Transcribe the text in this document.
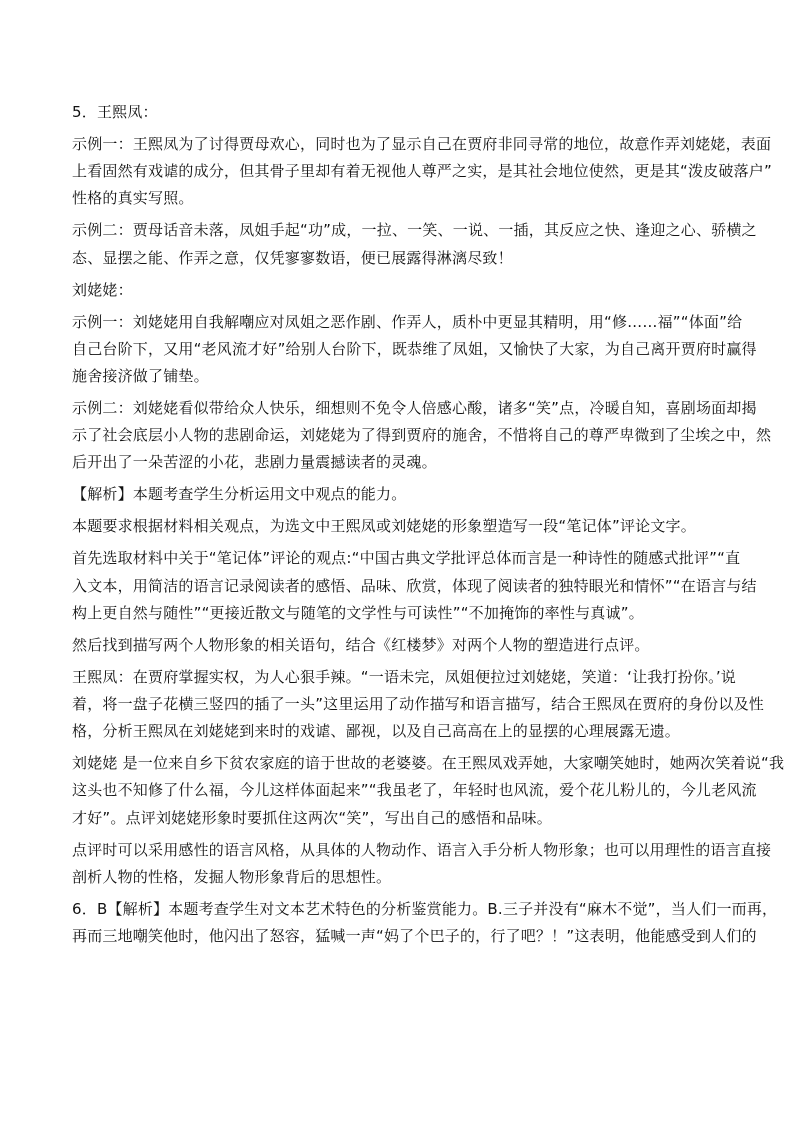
5．王熙凤：
示例一：王熙凤为了讨得贾母欢心，同时也为了显示自己在贾府非同寻常的地位，故意作弄刘姥姥，表面
上看固然有戏谑的成分，但其骨子里却有着无视他人尊严之实，是其社会地位使然，更是其“泼皮破落户”
性格的真实写照。
示例二：贾母话音未落，凤姐手起“功”成，一拉、一笑、一说、一插，其反应之快、逢迎之心、骄横之
态、显摆之能、作弄之意，仅凭寥寥数语，便已展露得淋漓尽致！
刘姥姥：
示例一：刘姥姥用自我解嘲应对凤姐之恶作剧、作弄人，质朴中更显其精明，用“修……福”“体面”给
自己台阶下，又用“老风流才好”给别人台阶下，既恭维了凤姐，又愉快了大家，为自己离开贾府时赢得
施舍接济做了铺垫。
示例二：刘姥姥看似带给众人快乐，细想则不免令人倍感心酸，诸多“笑”点，冷暖自知，喜剧场面却揭
示了社会底层小人物的悲剧命运，刘姥姥为了得到贾府的施舍，不惜将自己的尊严卑微到了尘埃之中，然
后开出了一朵苦涩的小花，悲剧力量震撼读者的灵魂。
【解析】本题考查学生分析运用文中观点的能力。
本题要求根据材料相关观点，为选文中王熙凤或刘姥姥的形象塑造写一段“笔记体”评论文字。
首先选取材料中关于“笔记体”评论的观点:“中国古典文学批评总体而言是一种诗性的随感式批评”“直
入文本，用简洁的语言记录阅读者的感悟、品味、欣赏，体现了阅读者的独特眼光和情怀”“在语言与结
构上更自然与随性”“更接近散文与随笔的文学性与可读性”“不加掩饰的率性与真诚”。
然后找到描写两个人物形象的相关语句，结合《红楼梦》对两个人物的塑造进行点评。
王熙凤：在贾府掌握实权，为人心狠手辣。“一语未完，凤姐便拉过刘姥姥，笑道：‘让我打扮你。’说
着，将一盘子花横三竖四的插了一头”这里运用了动作描写和语言描写，结合王熙凤在贾府的身份以及性
格，分析王熙凤在刘姥姥到来时的戏谑、鄙视，以及自己高高在上的显摆的心理展露无遗。
刘姥姥 是一位来自乡下贫农家庭的谙于世故的老婆婆。在王熙凤戏弄她，大家嘲笑她时，她两次笑着说“我
这头也不知修了什么福，今儿这样体面起来”“我虽老了，年轻时也风流，爱个花儿粉儿的，今儿老风流
才好”。点评刘姥姥形象时要抓住这两次“笑”，写出自己的感悟和品味。
点评时可以采用感性的语言风格，从具体的人物动作、语言入手分析人物形象；也可以用理性的语言直接
剖析人物的性格，发掘人物形象背后的思想性。
6．B【解析】本题考查学生对文本艺术特色的分析鉴赏能力。B.三子并没有“麻木不觉”，当人们一而再，
再而三地嘲笑他时，他闪出了怒容，猛喊一声“妈了个巴子的，行了吧？！”这表明，他能感受到人们的
